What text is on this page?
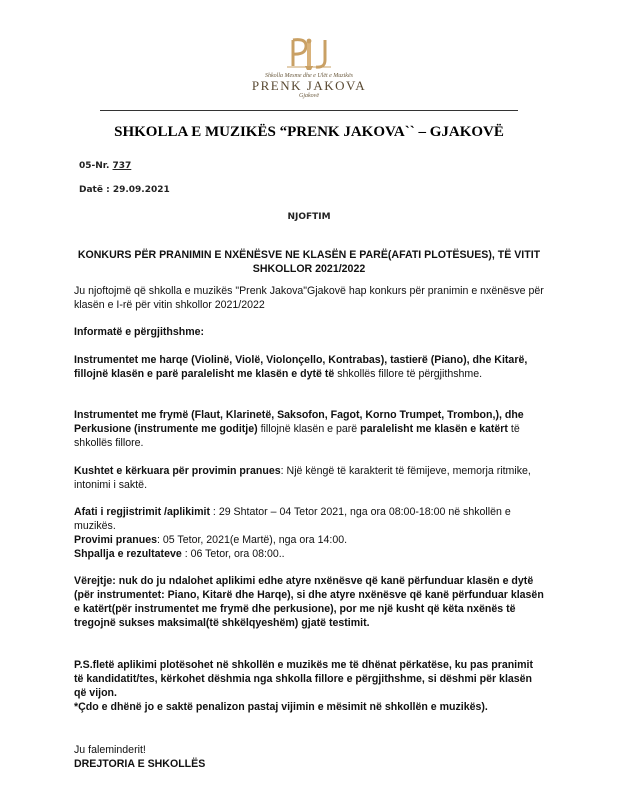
Shkolla Mesme dhe e Ulët e Muzikës
PRENK JAKOVA
Gjakovë
SHKOLLA E MUZIKËS “PRENK JAKOVA`` – GJAKOVË
05-Nr. 737
Datë : 29.09.2021
NJOFTIM
KONKURS PËR PRANIMIN E NXËNËSVE NE KLASËN E PARË(AFATI PLOTËSUES), TË VITIT SHKOLLOR 2021/2022
Ju njoftojmë që shkolla e muzikës "Prenk Jakova"Gjakovë hap konkurs për pranimin e nxënësve për klasën e I-rë për vitin shkollor 2021/2022
Informatë e përgjithshme:
Instrumentet me harqe (Violinë, Violë, Violonçello, Kontrabas), tastierë (Piano), dhe Kitarë, fillojnë klasën e parë paralelisht me klasën e dytë të shkollës fillore të përgjithshme.
Instrumentet me frymë (Flaut, Klarinetë, Saksofon, Fagot, Korno Trumpet, Trombon,), dhe Perkusione (instrumente me goditje) fillojnë klasën e parë paralelisht me klasën e katërt të shkollës fillore.
Kushtet e kërkuara për provimin pranues: Një këngë të karakterit të fëmijeve, memorja ritmike, intonimi i saktë.
Afati i regjistrimit /aplikimit : 29 Shtator – 04 Tetor 2021, nga ora 08:00-18:00 në shkollën e muzikës.
Provimi pranues: 05 Tetor, 2021(e Martë), nga ora 14:00.
Shpallja e rezultateve : 06 Tetor, ora 08:00..
Vërejtje: nuk do ju ndalohet aplikimi edhe atyre nxënësve që kanë përfunduar klasën e dytë (për instrumentet: Piano, Kitarë dhe Harqe), si dhe atyre nxënësve që kanë përfunduar klasën e katërt(për instrumentet me frymë dhe perkusione), por me një kusht që këta nxënës të tregojnë sukses maksimal(të shkëlqyeshëm) gjatë testimit.
P.S.fletë aplikimi plotësohet në shkollën e muzikës me të dhënat përkatëse, ku pas pranimit të kandidatit/tes, kërkohet dëshmia nga shkolla fillore e përgjithshme, si dëshmi për klasën që vijon.
*Çdo e dhënë jo e saktë penalizon pastaj vijimin e mësimit në shkollën e muzikës).
Ju faleminderit!
DREJTORIA E SHKOLLËS
